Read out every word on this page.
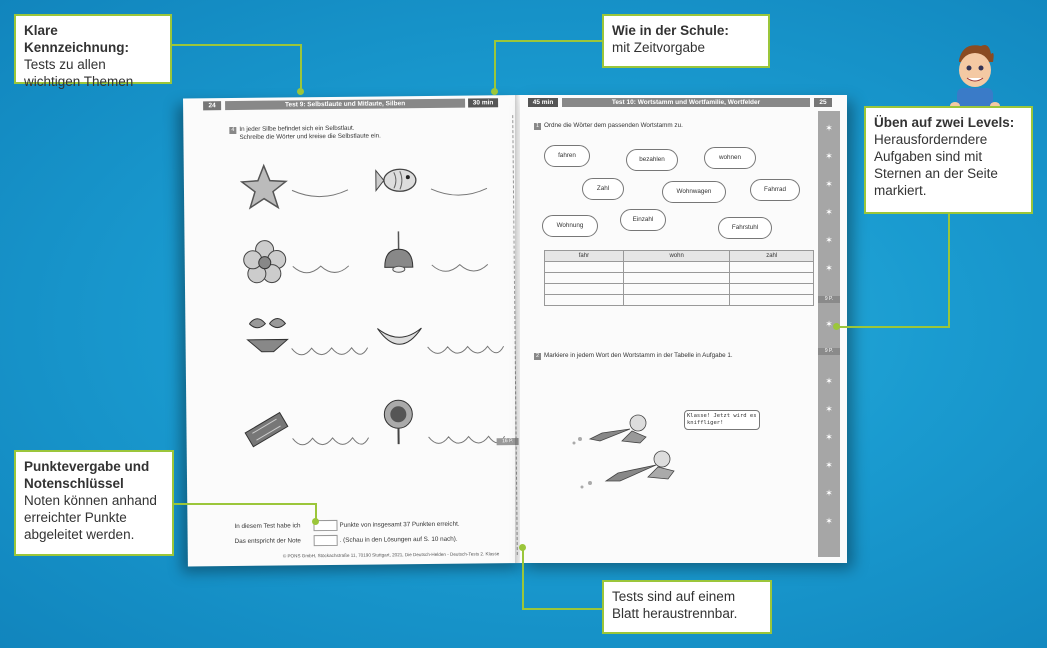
24	Test 9: Selbstlaute und Mitlaute, Silben	30 min
4 In jeder Silbe befindet sich ein Selbstlaut.
Schreibe die Wörter und kreise die Selbstlaute ein.
16 P.
In diesem Test habe ich	Punkte von insgesamt 37 Punkten erreicht.
Das entspricht der Note	. (Schau in den Lösungen auf S. 10 nach).
© PONS GmbH, Stöckachstraße 11, 70190 Stuttgart, 2021, Die Deutsch-Helden - Deutsch-Tests 2. Klasse
45 min	Test 10: Wortstamm und Wortfamilie, Wortfelder	25
✶
✶
✶
✶
✶
✶
9 P.
✶
9 P.
✶
✶
✶
✶
✶
✶
1 Ordne die Wörter dem passenden Wortstamm zu.
fahren
bezahlen	wohnen
Zahl	Wohnwagen	Fahrrad
Wohnung
Einzahl
Fahrstuhl
fahr	wohn	zahl

2 Markiere in jedem Wort den Wortstamm in der Tabelle in Aufgabe 1.
Klasse! Jetzt wird es kniffliger!
Klare Kennzeichnung:
Tests zu allen
wichtigen Themen
Wie in der Schule:
mit Zeitvorgabe
Üben auf zwei Levels:
Herausforderndere
Aufgaben sind mit
Sternen an der Seite
markiert.
Punktevergabe und
Notenschlüssel
Noten können anhand
erreichter Punkte
abgeleitet werden.
Tests sind auf einem
Blatt heraustrennbar.
